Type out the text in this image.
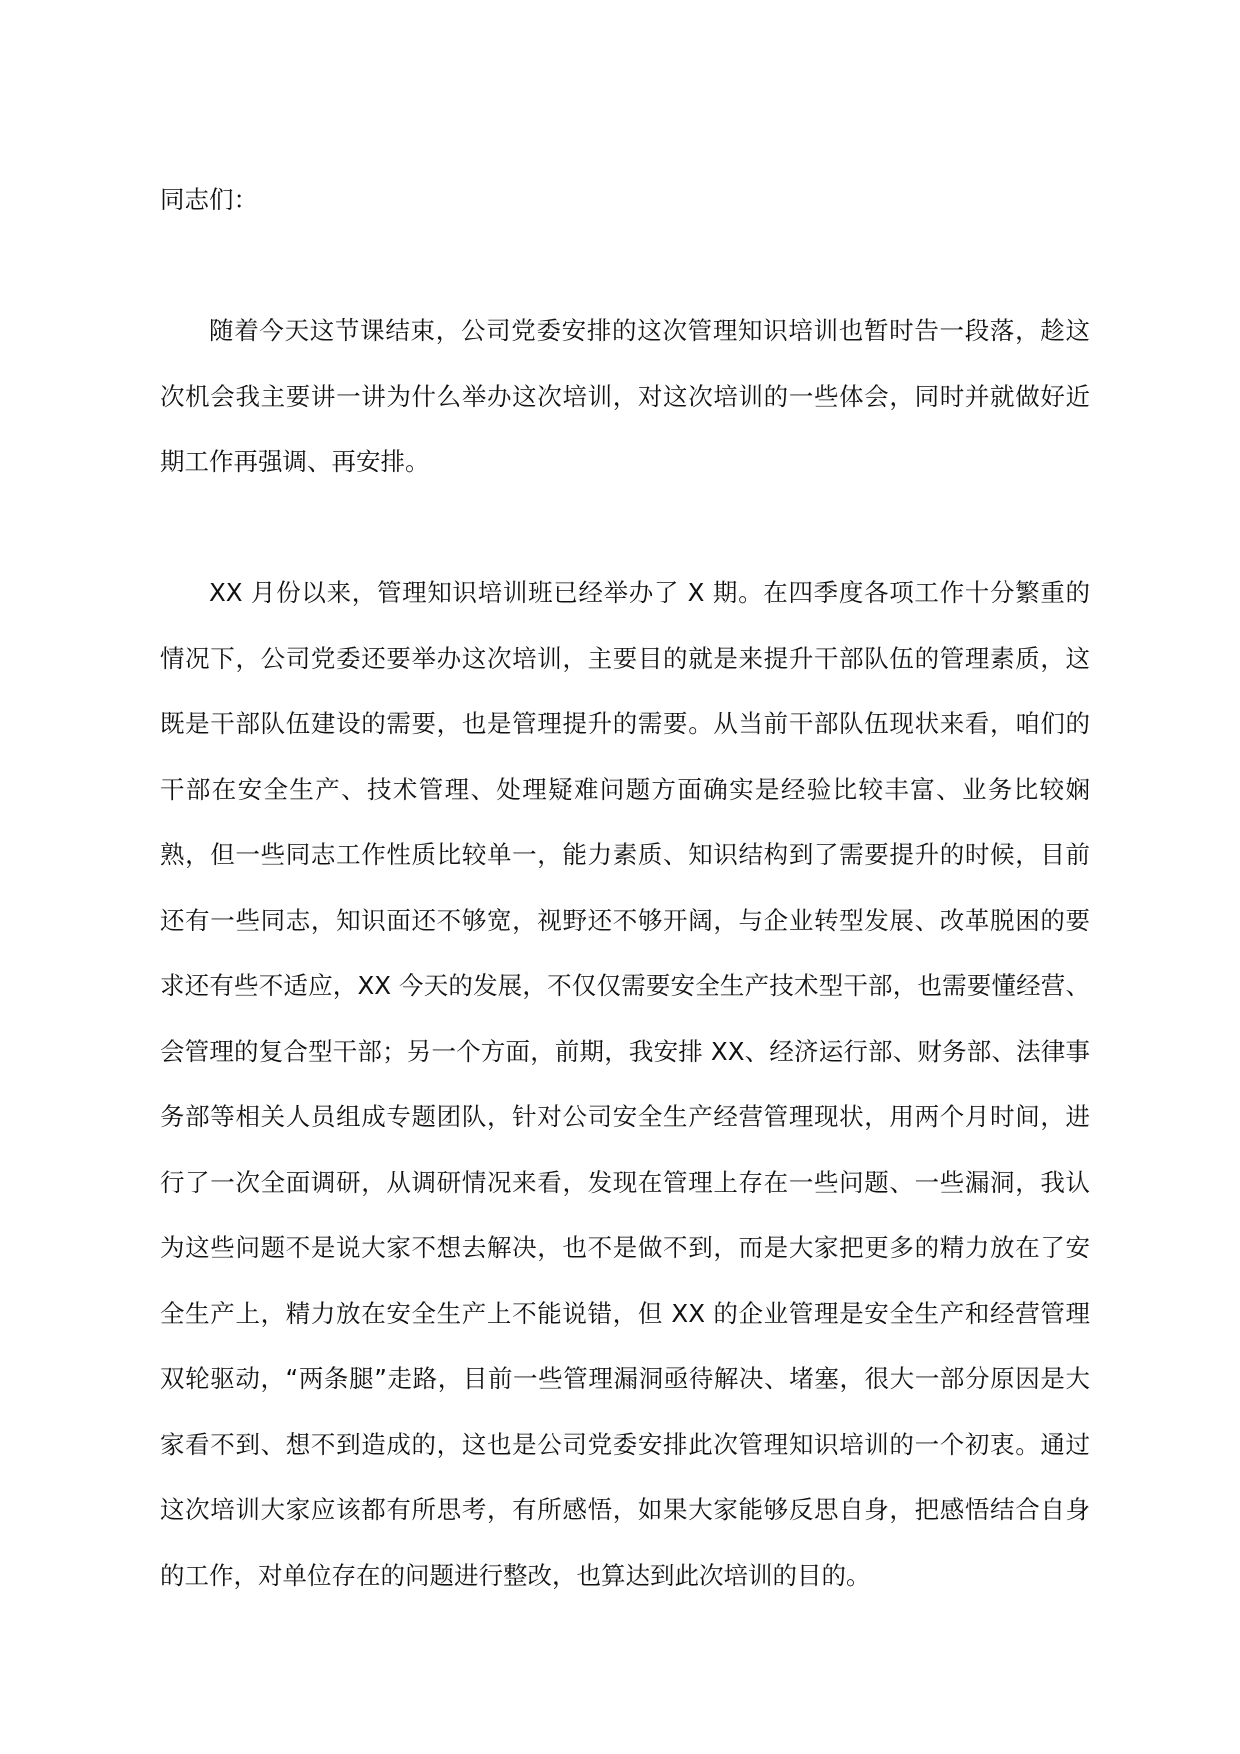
同志们：

随着今天这节课结束，公司党委安排的这次管理知识培训也暂时告一段落，趁这次机会我主要讲一讲为什么举办这次培训，对这次培训的一些体会，同时并就做好近期工作再强调、再安排。

XX 月份以来，管理知识培训班已经举办了 X 期。在四季度各项工作十分繁重的情况下，公司党委还要举办这次培训，主要目的就是来提升干部队伍的管理素质，这既是干部队伍建设的需要，也是管理提升的需要。从当前干部队伍现状来看，咱们的干部在安全生产、技术管理、处理疑难问题方面确实是经验比较丰富、业务比较娴熟，但一些同志工作性质比较单一，能力素质、知识结构到了需要提升的时候，目前还有一些同志，知识面还不够宽，视野还不够开阔，与企业转型发展、改革脱困的要求还有些不适应，XX 今天的发展，不仅仅需要安全生产技术型干部，也需要懂经营、会管理的复合型干部；另一个方面，前期，我安排 XX、经济运行部、财务部、法律事务部等相关人员组成专题团队，针对公司安全生产经营管理现状，用两个月时间，进行了一次全面调研，从调研情况来看，发现在管理上存在一些问题、一些漏洞，我认为这些问题不是说大家不想去解决，也不是做不到，而是大家把更多的精力放在了安全生产上，精力放在安全生产上不能说错，但 XX 的企业管理是安全生产和经营管理双轮驱动，“两条腿”走路，目前一些管理漏洞亟待解决、堵塞，很大一部分原因是大家看不到、想不到造成的，这也是公司党委安排此次管理知识培训的一个初衷。通过这次培训大家应该都有所思考，有所感悟，如果大家能够反思自身，把感悟结合自身的工作，对单位存在的问题进行整改，也算达到此次培训的目的。
